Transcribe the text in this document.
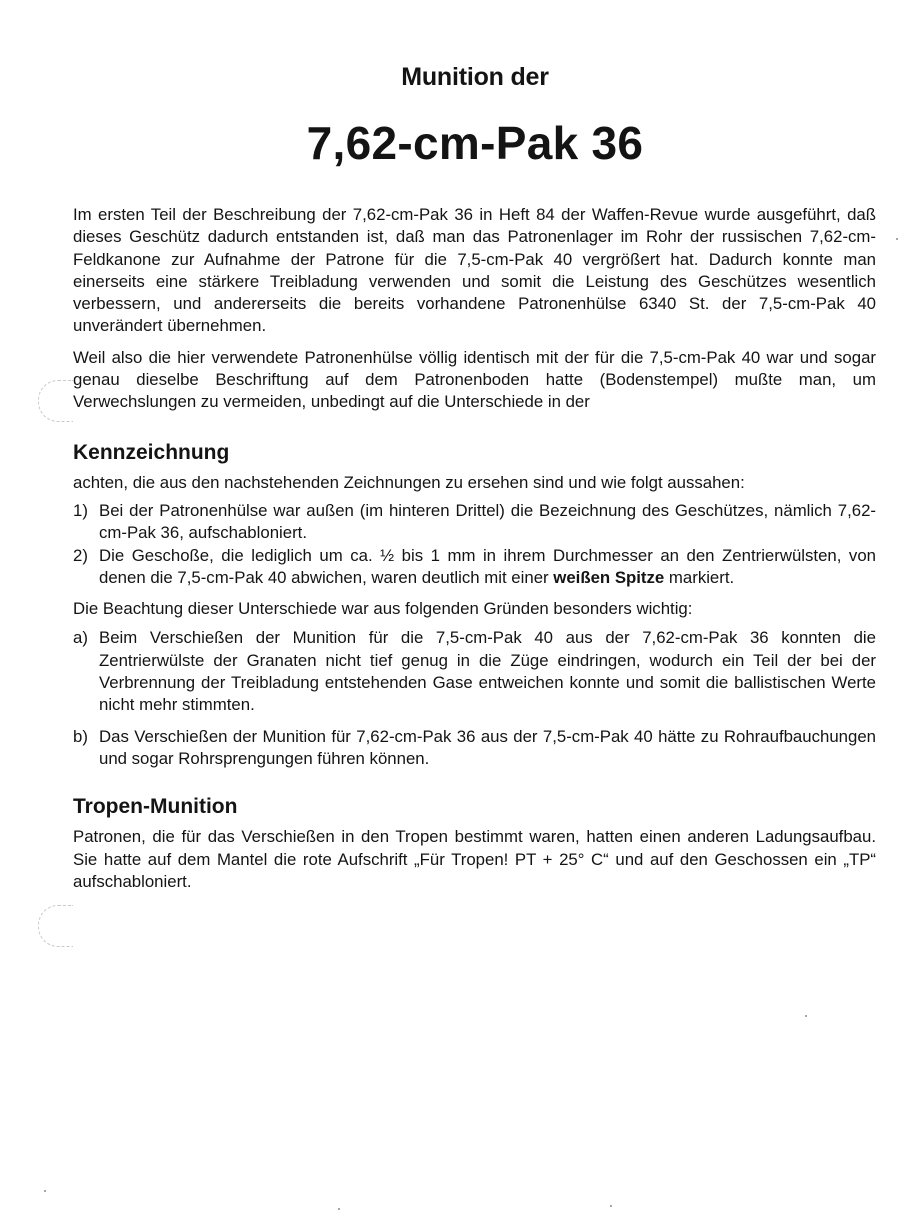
Munition der
7,62-cm-Pak 36

Im ersten Teil der Beschreibung der 7,62-cm-Pak 36 in Heft 84 der Waffen-Revue wurde ausgeführt, daß dieses Geschütz dadurch entstanden ist, daß man das Patronenlager im Rohr der russischen 7,62-cm-Feldkanone zur Aufnahme der Patrone für die 7,5-cm-Pak 40 vergrößert hat. Dadurch konnte man einerseits eine stärkere Treibladung verwenden und somit die Leistung des Geschützes wesentlich verbessern, und andererseits die bereits vorhandene Patronenhülse 6340 St. der 7,5-cm-Pak 40 unverändert übernehmen.

Weil also die hier verwendete Patronenhülse völlig identisch mit der für die 7,5-cm-Pak 40 war und sogar genau dieselbe Beschriftung auf dem Patronenboden hatte (Bodenstempel) mußte man, um Verwechslungen zu vermeiden, unbedingt auf die Unterschiede in der

Kennzeichnung

achten, die aus den nachstehenden Zeichnungen zu ersehen sind und wie folgt aussahen:

1) Bei der Patronenhülse war außen (im hinteren Drittel) die Bezeichnung des Geschützes, nämlich 7,62-cm-Pak 36, aufschabloniert.
2) Die Geschoße, die lediglich um ca. ½ bis 1 mm in ihrem Durchmesser an den Zentrierwülsten, von denen die 7,5-cm-Pak 40 abwichen, waren deutlich mit einer weißen Spitze markiert.

Die Beachtung dieser Unterschiede war aus folgenden Gründen besonders wichtig:

a) Beim Verschießen der Munition für die 7,5-cm-Pak 40 aus der 7,62-cm-Pak 36 konnten die Zentrierwülste der Granaten nicht tief genug in die Züge eindringen, wodurch ein Teil der bei der Verbrennung der Treibladung entstehenden Gase entweichen konnte und somit die ballistischen Werte nicht mehr stimmten.
b) Das Verschießen der Munition für 7,62-cm-Pak 36 aus der 7,5-cm-Pak 40 hätte zu Rohraufbauchungen und sogar Rohrsprengungen führen können.
Tropen-Munition

Patronen, die für das Verschießen in den Tropen bestimmt waren, hatten einen anderen Ladungsaufbau. Sie hatte auf dem Mantel die rote Aufschrift „Für Tropen! PT + 25° C“ und auf den Geschossen ein „TP“ aufschabloniert.
